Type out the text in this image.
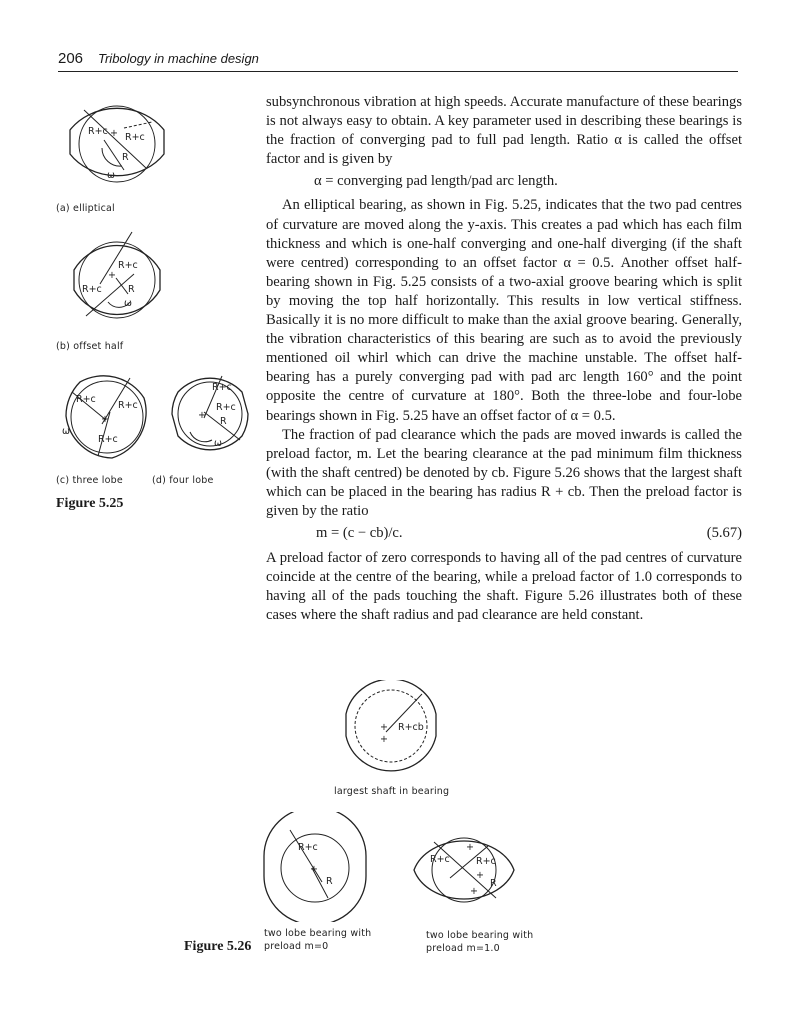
206 Tribology in machine design

subsynchronous vibration at high speeds. Accurate manufacture of these bearings is not always easy to obtain. A key parameter used in describing these bearings is the fraction of converging pad to full pad length. Ratio α is called the offset factor and is given by

α = converging pad length/pad arc length.

An elliptical bearing, as shown in Fig. 5.25, indicates that the two pad centres of curvature are moved along the y-axis. This creates a pad which has each film thickness and which is one-half converging and one-half diverging (if the shaft were centred) corresponding to an offset factor α = 0.5. Another offset half-bearing shown in Fig. 5.25 consists of a two-axial groove bearing which is split by moving the top half horizontally. This results in low vertical stiffness. Basically it is no more difficult to make than the axial groove bearing. Generally, the vibration characteristics of this bearing are such as to avoid the previously mentioned oil whirl which can drive the machine unstable. The offset half-bearing has a purely converging pad with pad arc length 160° and the point opposite the centre of curvature at 180°. Both the three-lobe and four-lobe bearings shown in Fig. 5.25 have an offset factor of α = 0.5.

The fraction of pad clearance which the pads are moved inwards is called the preload factor, m. Let the bearing clearance at the pad minimum film thickness (with the shaft centred) be denoted by cb. Figure 5.26 shows that the largest shaft which can be placed in the bearing has radius R + cb. Then the preload factor is given by the ratio

m = (c − cb)/c.	(5.67)

A preload factor of zero corresponds to having all of the pad centres of curvature coincide at the centre of the bearing, while a preload factor of 1.0 corresponds to having all of the pads touching the shaft. Figure 5.26 illustrates both of these cases where the shaft radius and pad clearance are held constant.

R+c + R+c
R
ω
(a) elliptical
R+c
+
R+c	R
ω
(b) offset half
R+c
R+c
R+c
+
ω
R+c
R+c
+
R
ω
(c) three lobe	(d) four lobe
Figure 5.25
+
+
R+cb
largest shaft in bearing
R+c
+
R
R+c	R+c
+
+
+
R
two lobe bearing with
preload m=0
two lobe bearing with
preload m=1.0
Figure 5.26
